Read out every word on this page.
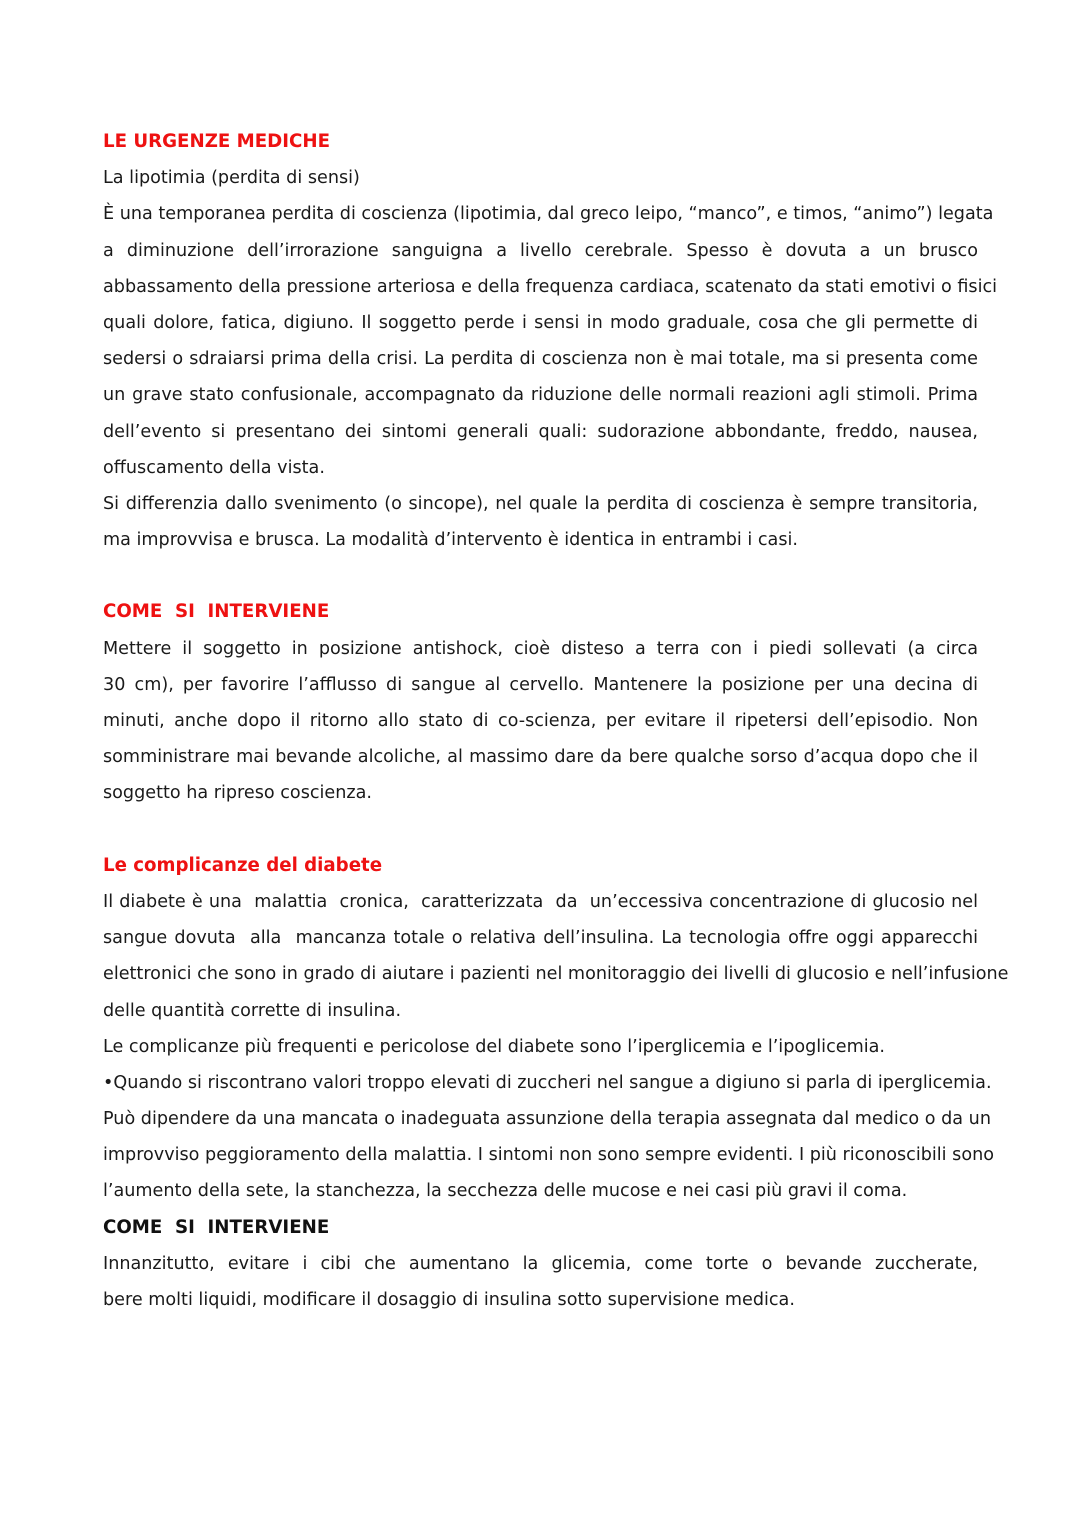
LE URGENZE MEDICHE

La lipotimia (perdita di sensi)

È una temporanea perdita di coscienza (lipotimia, dal greco leipo, “manco”, e timos, “animo”) legata

a diminuzione dell’irrorazione sanguigna a livello cerebrale. Spesso è dovuta a un brusco

abbassamento della pressione arteriosa e della frequenza cardiaca, scatenato da stati emotivi o fisici

quali dolore, fatica, digiuno. Il soggetto perde i sensi in modo graduale, cosa che gli permette di

sedersi o sdraiarsi prima della crisi. La perdita di coscienza non è mai totale, ma si presenta come

un grave stato confusionale, accompagnato da riduzione delle normali reazioni agli stimoli. Prima

dell’evento si presentano dei sintomi generali quali: sudorazione abbondante, freddo, nausea,

offuscamento della vista.

Si differenzia dallo svenimento (o sincope), nel quale la perdita di coscienza è sempre transitoria,

ma improvvisa e brusca. La modalità d’intervento è identica in entrambi i casi.

COME  SI  INTERVIENE

Mettere il soggetto in posizione antishock, cioè disteso a terra con i piedi sollevati (a circa

30 cm), per favorire l’afflusso di sangue al cervello. Mantenere la posizione per una decina di

minuti, anche dopo il ritorno allo stato di co-scienza, per evitare il ripetersi dell’episodio. Non

somministrare mai bevande alcoliche, al massimo dare da bere qualche sorso d’acqua dopo che il

soggetto ha ripreso coscienza.

Le complicanze del diabete

Il diabete è una  malattia  cronica,  caratterizzata  da  un’eccessiva concentrazione di glucosio nel

sangue dovuta  alla  mancanza totale o relativa dell’insulina. La tecnologia offre oggi apparecchi

elettronici che sono in grado di aiutare i pazienti nel monitoraggio dei livelli di glucosio e nell’infusione

delle quantità corrette di insulina.

Le complicanze più frequenti e pericolose del diabete sono l’iperglicemia e l’ipoglicemia.

•Quando si riscontrano valori troppo elevati di zuccheri nel sangue a digiuno si parla di iperglicemia.

Può dipendere da una mancata o inadeguata assunzione della terapia assegnata dal medico o da un

improvviso peggioramento della malattia. I sintomi non sono sempre evidenti. I più riconoscibili sono

l’aumento della sete, la stanchezza, la secchezza delle mucose e nei casi più gravi il coma.

COME  SI  INTERVIENE

Innanzitutto, evitare i cibi che aumentano la glicemia, come torte o bevande zuccherate,

bere molti liquidi, modificare il dosaggio di insulina sotto supervisione medica.
